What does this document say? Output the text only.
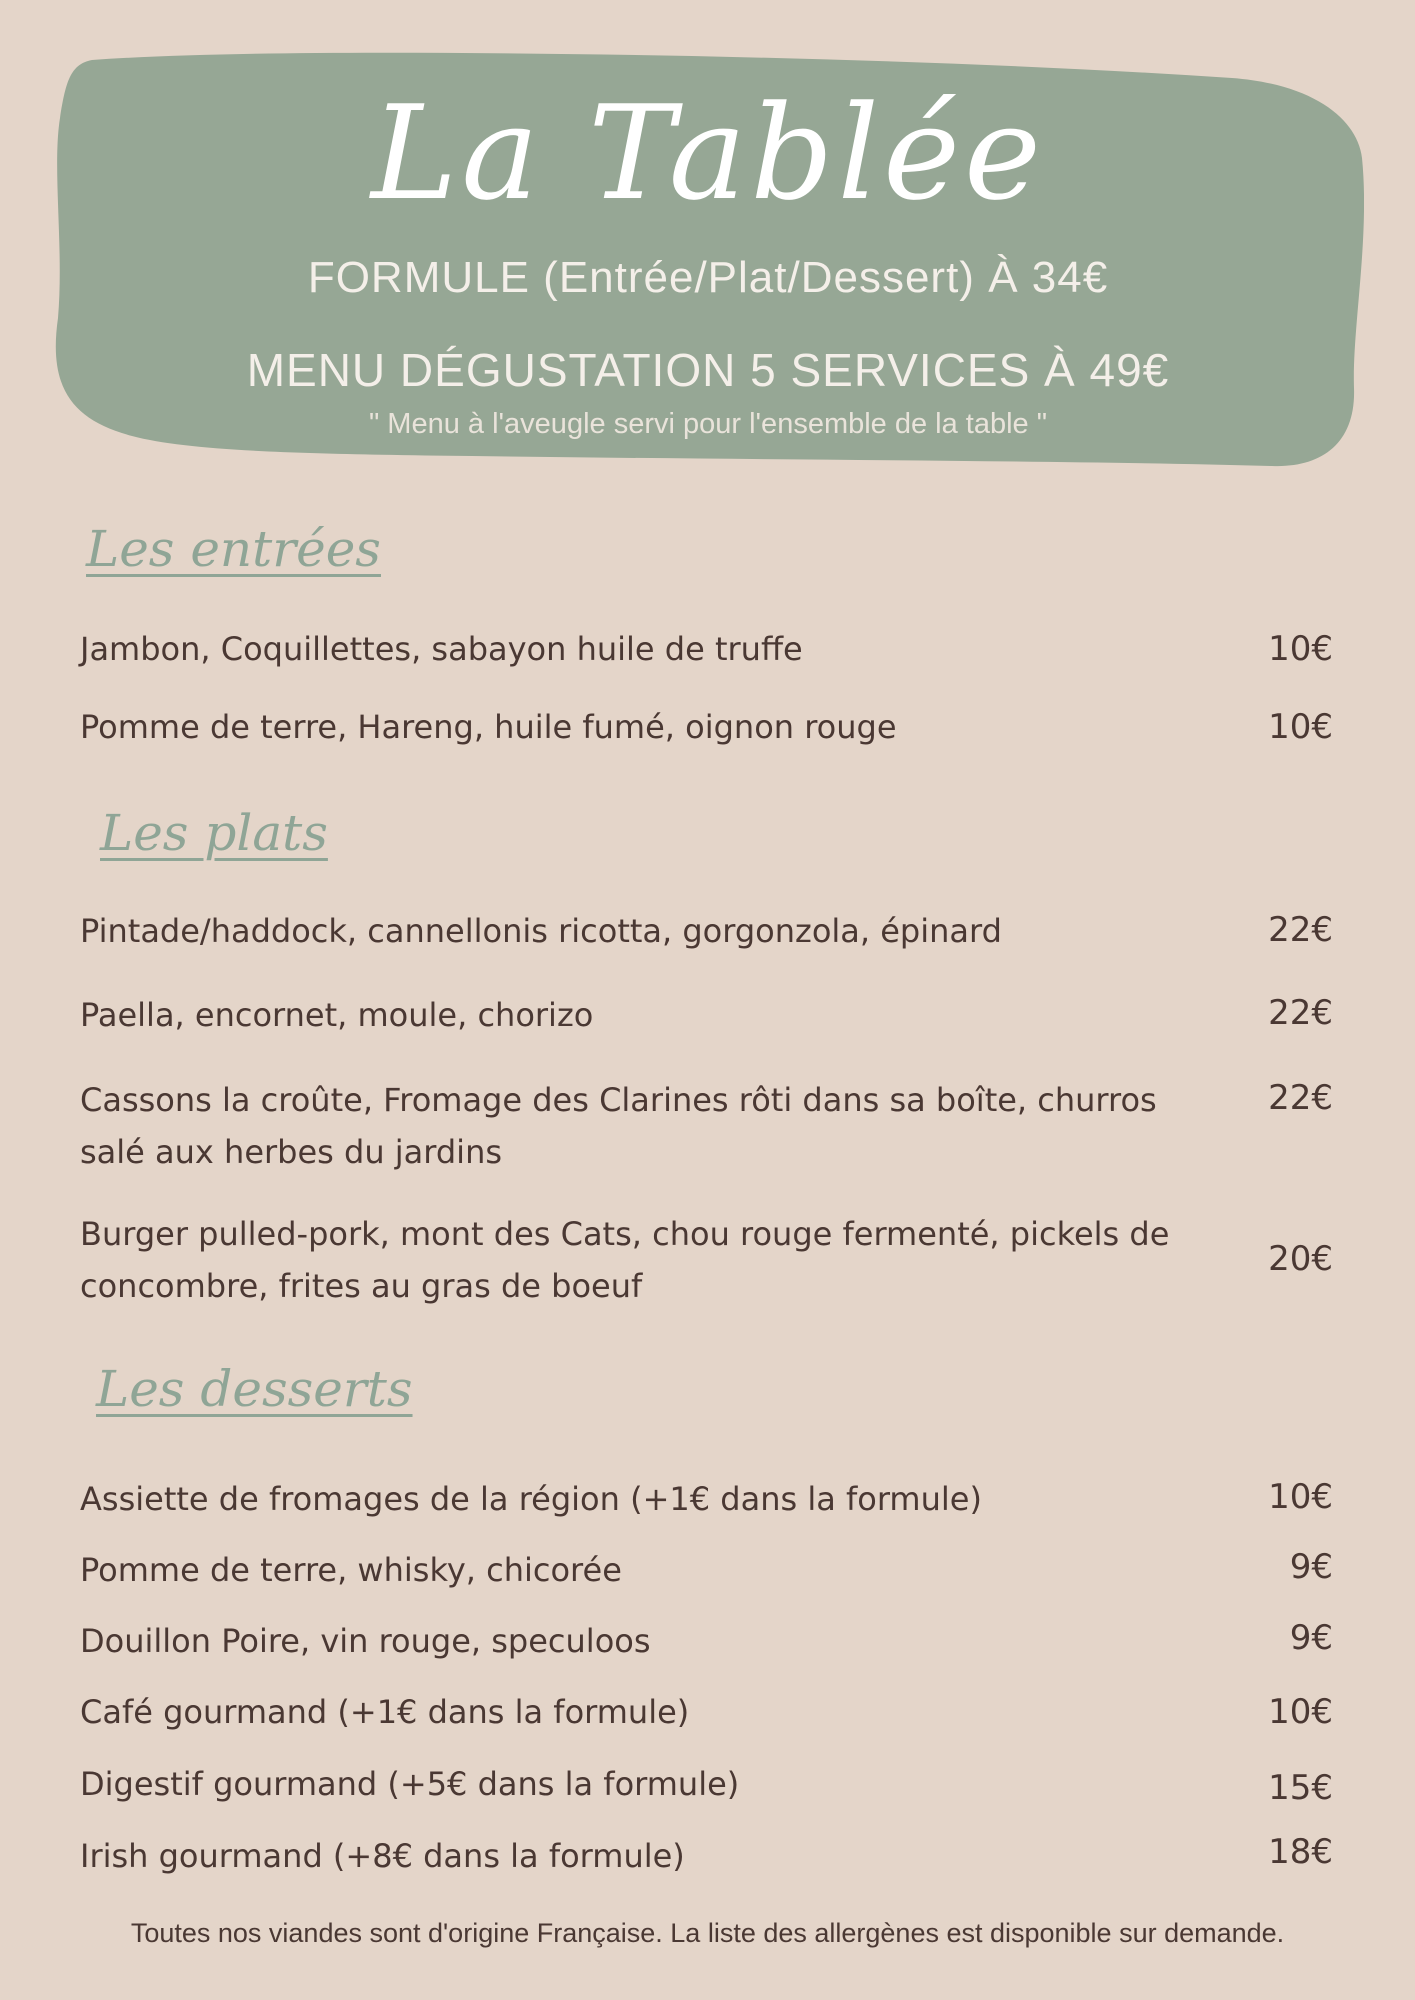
La Tablée
FORMULE (Entrée/Plat/Dessert) À 34€
MENU DÉGUSTATION 5 SERVICES À 49€
" Menu à l'aveugle servi pour l'ensemble de la table "
Les entrées
Jambon, Coquillettes, sabayon huile de truffe	10€
Pomme de terre, Hareng, huile fumé, oignon rouge	10€
Les plats
Pintade/haddock, cannellonis ricotta, gorgonzola, épinard	22€
Paella, encornet, moule, chorizo	22€
Cassons la croûte, Fromage des Clarines rôti dans sa boîte, churros salé aux herbes du jardins
22€
Burger pulled-pork, mont des Cats, chou rouge fermenté, pickels de concombre, frites au gras de boeuf
20€
Les desserts
Assiette de fromages de la région (+1€ dans la formule)	10€
Pomme de terre, whisky, chicorée	9€
Douillon Poire, vin rouge, speculoos	9€
Café gourmand (+1€ dans la formule)	10€
Digestif gourmand (+5€ dans la formule)	15€
Irish gourmand (+8€ dans la formule)	18€
Toutes nos viandes sont d'origine Française. La liste des allergènes est disponible sur demande.
